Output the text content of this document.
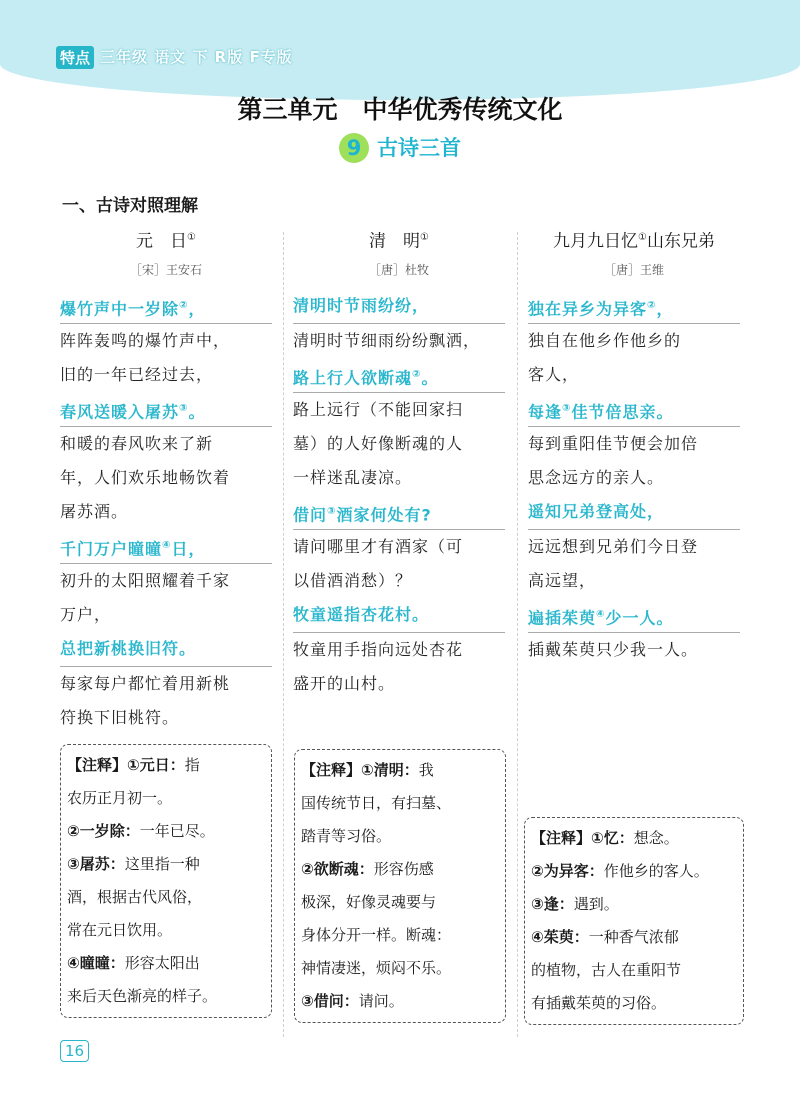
特点 三年级 语文 下 R版 F专版
第三单元　中华优秀传统文化
9 古诗三首
一、古诗对照理解
元　日①
［宋］王安石
爆竹声中一岁除②，
阵阵轰鸣的爆竹声中，
旧的一年已经过去，
春风送暖入屠苏③。
和暖的春风吹来了新
年，人们欢乐地畅饮着
屠苏酒。
千门万户曈曈④日，
初升的太阳照耀着千家
万户，
总把新桃换旧符。
每家每户都忙着用新桃
符换下旧桃符。
清　明①
［唐］杜牧
清明时节雨纷纷，
清明时节细雨纷纷飘洒，
路上行人欲断魂②。
路上远行（不能回家扫
墓）的人好像断魂的人
一样迷乱凄凉。
借问③酒家何处有?
请问哪里才有酒家（可
以借酒消愁）？
牧童遥指杏花村。
牧童用手指向远处杏花
盛开的山村。
九月九日忆①山东兄弟
［唐］王维
独在异乡为异客②，
独自在他乡作他乡的
客人，
每逢③佳节倍思亲。
每到重阳佳节便会加倍
思念远方的亲人。
遥知兄弟登高处，
远远想到兄弟们今日登
高远望，
遍插茱萸④少一人。
插戴茱萸只少我一人。
【注释】①元日：指
农历正月初一。
②一岁除：一年已尽。
③屠苏：这里指一种
酒，根据古代风俗，
常在元日饮用。
④曈曈：形容太阳出
来后天色渐亮的样子。
【注释】①清明：我
国传统节日，有扫墓、
踏青等习俗。
②欲断魂：形容伤感
极深，好像灵魂要与
身体分开一样。断魂：
神情凄迷，烦闷不乐。
③借问：请问。
【注释】①忆：想念。
②为异客：作他乡的客人。
③逢：遇到。
④茱萸：一种香气浓郁
的植物，古人在重阳节
有插戴茱萸的习俗。
16
